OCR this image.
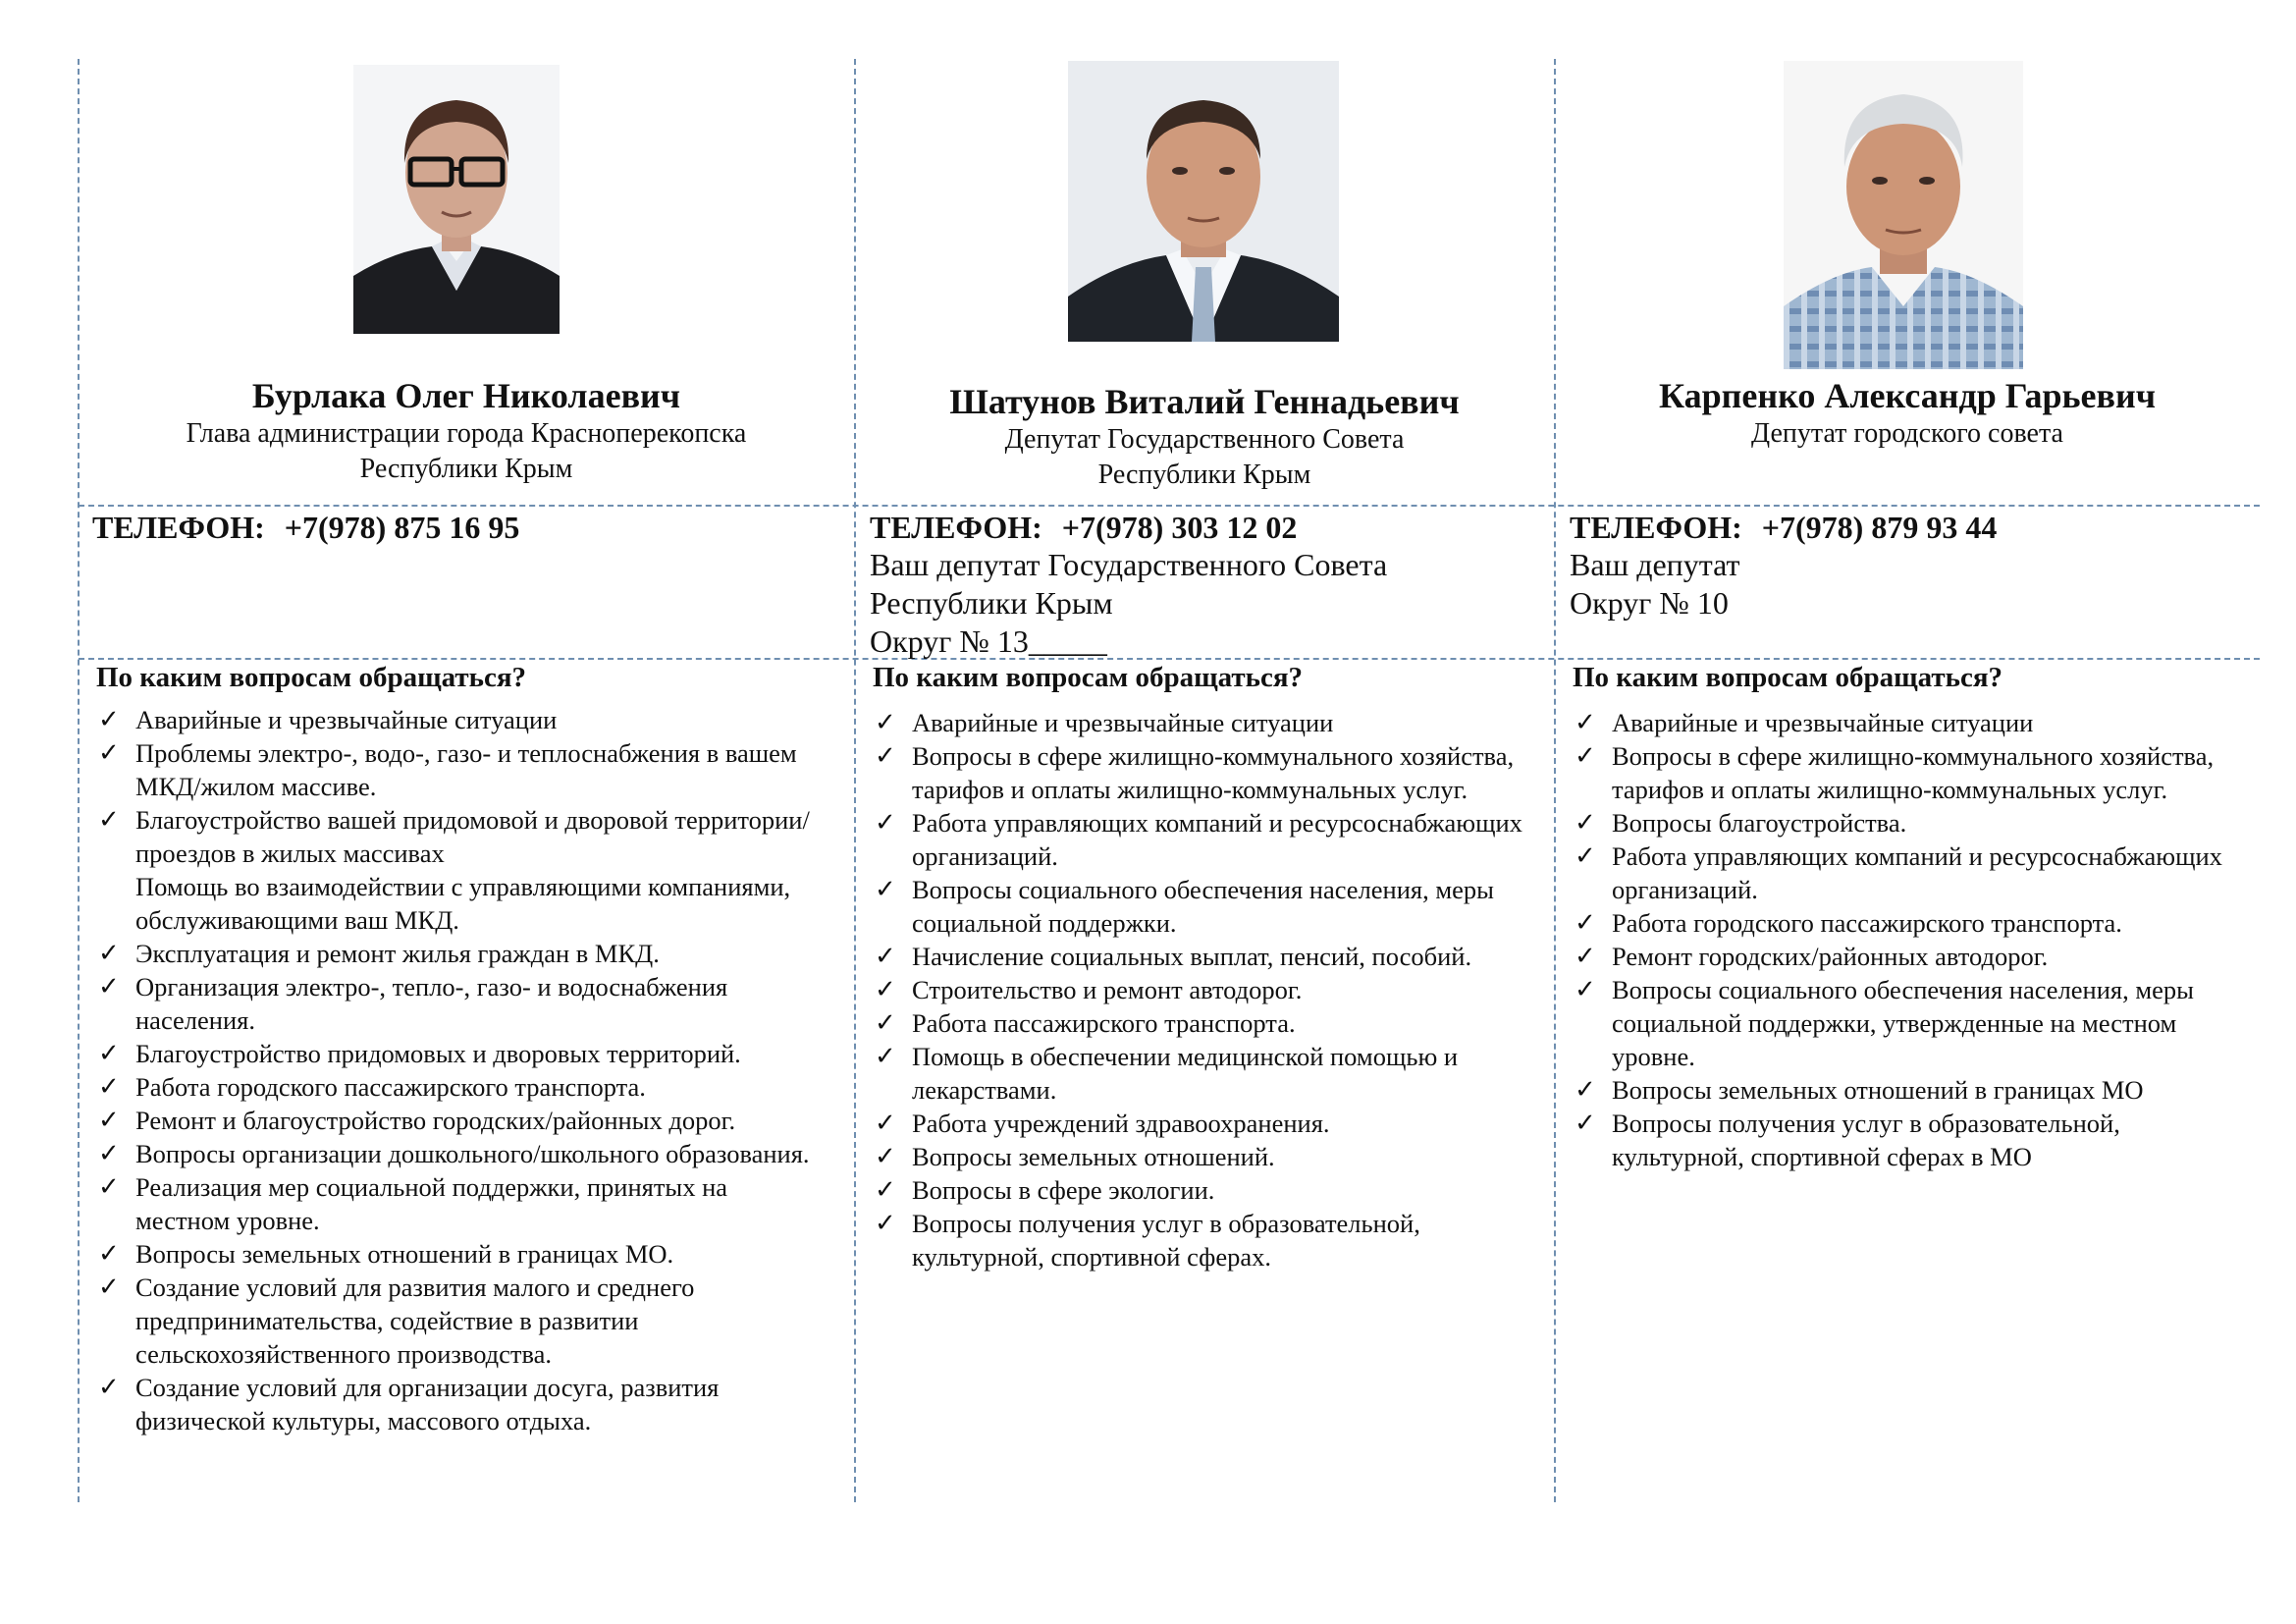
Бурлака Олег Николаевич
Глава администрации города Красноперекопска
Республики Крым
ТЕЛЕФОН: +7(978) 875 16 95
По каким вопросам обращаться?
✓ Аварийные и чрезвычайные ситуации
✓ Проблемы электро-, водо-, газо- и теплоснабжения в вашем МКД/жилом массиве.
✓ Благоустройство вашей придомовой и дворовой территории/проездов в жилых массивах
Помощь во взаимодействии с управляющими компаниями, обслуживающими ваш МКД.
✓ Эксплуатация и ремонт жилья граждан в МКД.
✓ Организация электро-, тепло-, газо- и водоснабжения населения.
✓ Благоустройство придомовых и дворовых территорий.
✓ Работа городского пассажирского транспорта.
✓ Ремонт и благоустройство городских/районных дорог.
✓ Вопросы организации дошкольного/школьного образования.
✓ Реализация мер социальной поддержки, принятых на местном уровне.
✓ Вопросы земельных отношений в границах МО.
✓ Создание условий для развития малого и среднего предпринимательства, содействие в развитии сельскохозяйственного производства.
✓ Создание условий для организации досуга, развития физической культуры, массового отдыха.
Шатунов Виталий Геннадьевич
Депутат Государственного Совета
Республики Крым
ТЕЛЕФОН: +7(978) 303 12 02
Ваш депутат Государственного Совета
Республики Крым
Округ № 13_____
По каким вопросам обращаться?
✓ Аварийные и чрезвычайные ситуации
✓ Вопросы в сфере жилищно-коммунального хозяйства, тарифов и оплаты жилищно-коммунальных услуг.
✓ Работа управляющих компаний и ресурсоснабжающих организаций.
✓ Вопросы социального обеспечения населения, меры социальной поддержки.
✓ Начисление социальных выплат, пенсий, пособий.
✓ Строительство и ремонт автодорог.
✓ Работа пассажирского транспорта.
✓ Помощь в обеспечении медицинской помощью и лекарствами.
✓ Работа учреждений здравоохранения.
✓ Вопросы земельных отношений.
✓ Вопросы в сфере экологии.
✓ Вопросы получения услуг в образовательной, культурной, спортивной сферах.
Карпенко Александр Гарьевич
Депутат городского совета
ТЕЛЕФОН: +7(978) 879 93 44
Ваш депутат
Округ № 10
По каким вопросам обращаться?
✓ Аварийные и чрезвычайные ситуации
✓ Вопросы в сфере жилищно-коммунального хозяйства, тарифов и оплаты жилищно-коммунальных услуг.
✓ Вопросы благоустройства.
✓ Работа управляющих компаний и ресурсоснабжающих организаций.
✓ Работа городского пассажирского транспорта.
✓ Ремонт городских/районных автодорог.
✓ Вопросы социального обеспечения населения, меры социальной поддержки, утвержденные на местном уровне.
✓ Вопросы земельных отношений в границах МО
✓ Вопросы получения услуг в образовательной, культурной, спортивной сферах в МО
